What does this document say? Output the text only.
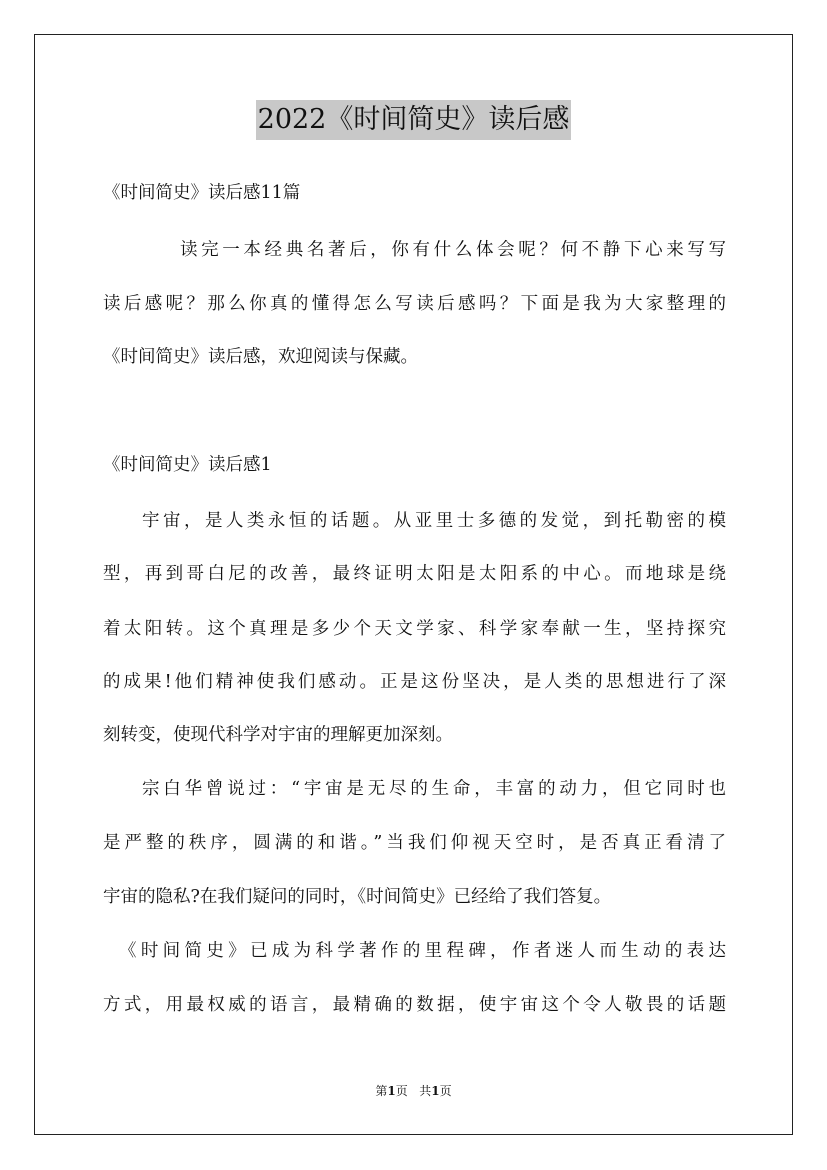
2022《时间简史》读后感
《时间简史》读后感11篇
读完一本经典名著后，你有什么体会呢？何不静下心来写写
读后感呢？那么你真的懂得怎么写读后感吗？下面是我为大家整理的
《时间简史》读后感，欢迎阅读与保藏。
《时间简史》读后感1
宇宙，是人类永恒的话题。从亚里士多德的发觉，到托勒密的模
型，再到哥白尼的改善，最终证明太阳是太阳系的中心。而地球是绕
着太阳转。这个真理是多少个天文学家、科学家奉献一生，坚持探究
的成果!他们精神使我们感动。正是这份坚决，是人类的思想进行了深
刻转变，使现代科学对宇宙的理解更加深刻。
宗白华曾说过：“宇宙是无尽的生命，丰富的动力，但它同时也
是严整的秩序，圆满的和谐。”当我们仰视天空时，是否真正看清了
宇宙的隐私?在我们疑问的同时，《时间简史》已经给了我们答复。
《时间简史》已成为科学著作的里程碑，作者迷人而生动的表达
方式，用最权威的语言，最精确的数据，使宇宙这个令人敬畏的话题
第1页 共1页
